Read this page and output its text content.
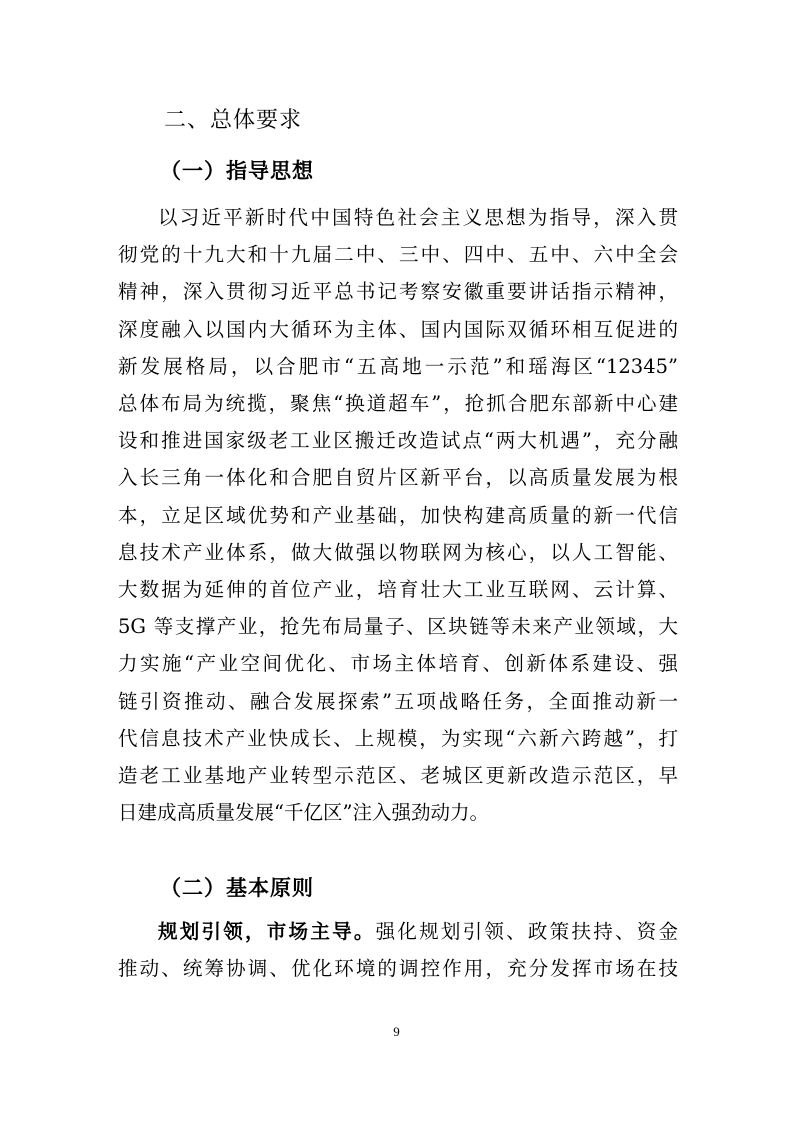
二、总体要求
（一）指导思想
以习近平新时代中国特色社会主义思想为指导，深入贯
彻党的十九大和十九届二中、三中、四中、五中、六中全会
精神，深入贯彻习近平总书记考察安徽重要讲话指示精神，
深度融入以国内大循环为主体、国内国际双循环相互促进的
新发展格局，以合肥市“五高地一示范”和瑶海区“12345”
总体布局为统揽，聚焦“换道超车”，抢抓合肥东部新中心建
设和推进国家级老工业区搬迁改造试点“两大机遇”，充分融
入长三角一体化和合肥自贸片区新平台，以高质量发展为根
本，立足区域优势和产业基础，加快构建高质量的新一代信
息技术产业体系，做大做强以物联网为核心，以人工智能、
大数据为延伸的首位产业，培育壮大工业互联网、云计算、
5G 等支撑产业，抢先布局量子、区块链等未来产业领域，大
力实施“产业空间优化、市场主体培育、创新体系建设、强
链引资推动、融合发展探索”五项战略任务，全面推动新一
代信息技术产业快成长、上规模，为实现“六新六跨越”，打
造老工业基地产业转型示范区、老城区更新改造示范区，早
日建成高质量发展“千亿区”注入强劲动力。
（二）基本原则
规划引领，市场主导。强化规划引领、政策扶持、资金
推动、统筹协调、优化环境的调控作用，充分发挥市场在技
9
